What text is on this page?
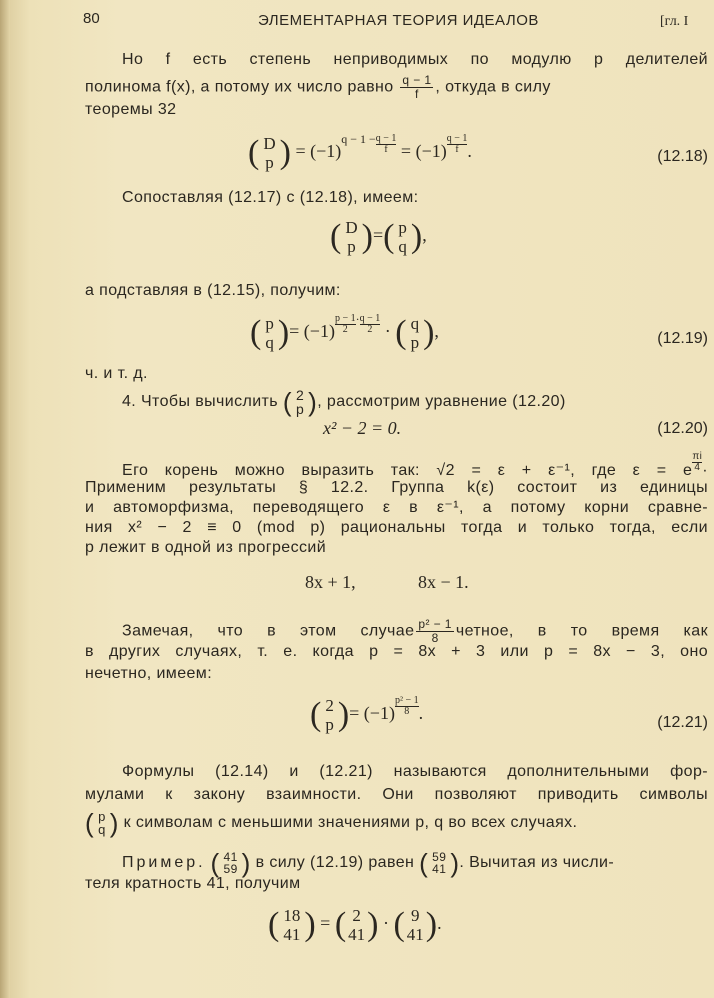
80	ЭЛЕМЕНТАРНАЯ ТЕОРИЯ ИДЕАЛОВ	[гл. I
Но f есть степень неприводимых по модулю p делителей
полинома f(x), а потому их число равно $\frac{q - 1}{f}$ , откуда в силу
теоремы 32
( D
p ) = $(-1)^{q - 1 -} \frac{q - 1}{f} = (-1) \frac{q - 1}{f}$ .	(12.18)
Сопоставляя (12.17) с (12.18), имеем:
( D
p )=( p
q ),
а подставляя в (12.15), получим:
( p
q )= $(-1) \frac{p - 1}{2} ^\cdot \frac{q - 1}{2}$ · ( q
p ),	(12.19)
ч. и т. д.
4. Чтобы вычислить ( 2
p ), рассмотрим уравнение (12.20)
x² − 2 = 0.	(12.20)
Его корень можно выразить так: √2 = ε + ε⁻¹, где ε = e $\frac{\pi i}{4}$ ·
Применим результаты § 12.2. Группа k(ε) состоит из единицы
и автоморфизма, переводящего ε в ε⁻¹, а потому корни сравне-
ния x² − 2 ≡ 0 (mod p) рациональны тогда и только тогда, если
p лежит в одной из прогрессий
8x + 1,	8x − 1.
Замечая, что в этом случае $\frac{\text{p² − 1}}{8}$ четное, в то время как
в других случаях, т. е. когда p = 8x + 3 или p = 8x − 3, оно
нечетно, имеем:
( 2
p )= $(-1) \frac{\text{p² − 1}}{8}$ .	(12.21)
Формулы (12.14) и (12.21) называются дополнительными фор-
мулами к закону взаимности. Они позволяют приводить символы
( p
q ) к символам с меньшими значениями p, q во всех случаях.
Пример. ( 41
59 ) в силу (12.19) равен ( 59
41 ). Вычитая из числи-
теля кратность 41, получим
( 18
41 ) = ( 2
41 ) · ( 9
41 ).
